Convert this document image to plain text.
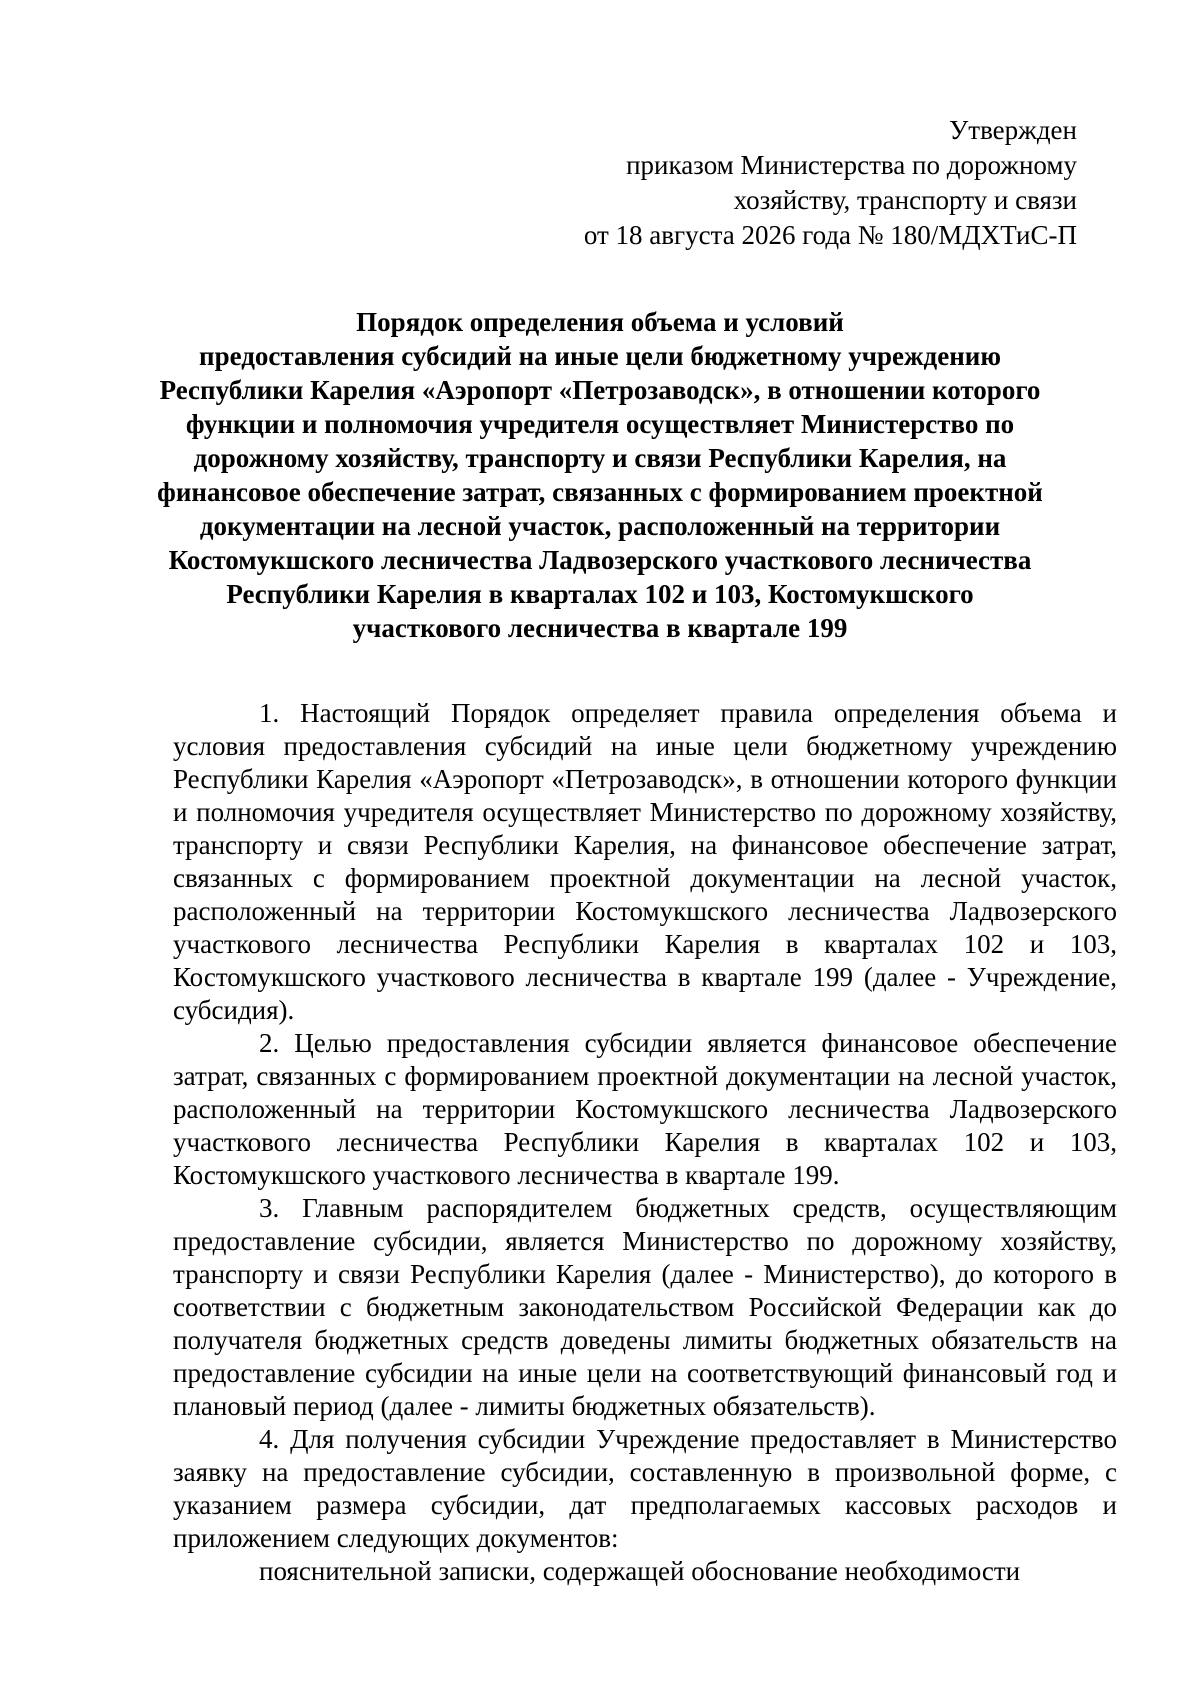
Утвержден
приказом Министерства по дорожному
хозяйству, транспорту и связи
от 18 августа 2026 года № 180/МДХТиС-П
Порядок определения объема и условий
предоставления субсидий на иные цели бюджетному учреждению
Республики Карелия «Аэропорт «Петрозаводск», в отношении которого
функции и полномочия учредителя осуществляет Министерство по
дорожному хозяйству, транспорту и связи Республики Карелия, на
финансовое обеспечение затрат, связанных с формированием проектной
документации на лесной участок, расположенный на территории
Костомукшского лесничества Ладвозерского участкового лесничества
Республики Карелия в кварталах 102 и 103, Костомукшского
участкового лесничества в квартале 199

1. Настоящий Порядок определяет правила определения объема и условия предоставления субсидий на иные цели бюджетному учреждению Республики Карелия «Аэропорт «Петрозаводск», в отношении которого функции и полномочия учредителя осуществляет Министерство по дорожному хозяйству, транспорту и связи Республики Карелия, на финансовое обеспечение затрат, связанных с формированием проектной документации на лесной участок, расположенный на территории Костомукшского лесничества Ладвозерского участкового лесничества Республики Карелия в кварталах 102 и 103, Костомукшского участкового лесничества в квартале 199 (далее - Учреждение, субсидия).

2. Целью предоставления субсидии является финансовое обеспечение затрат, связанных с формированием проектной документации на лесной участок, расположенный на территории Костомукшского лесничества Ладвозерского участкового лесничества Республики Карелия в кварталах 102 и 103, Костомукшского участкового лесничества в квартале 199.

3. Главным распорядителем бюджетных средств, осуществляющим предоставление субсидии, является Министерство по дорожному хозяйству, транспорту и связи Республики Карелия (далее - Министерство), до которого в соответствии с бюджетным законодательством Российской Федерации как до получателя бюджетных средств доведены лимиты бюджетных обязательств на предоставление субсидии на иные цели на соответствующий финансовый год и плановый период (далее - лимиты бюджетных обязательств).

4. Для получения субсидии Учреждение предоставляет в Министерство заявку на предоставление субсидии, составленную в произвольной форме, с указанием размера субсидии, дат предполагаемых кассовых расходов и приложением следующих документов:

пояснительной записки, содержащей обоснование необходимости
